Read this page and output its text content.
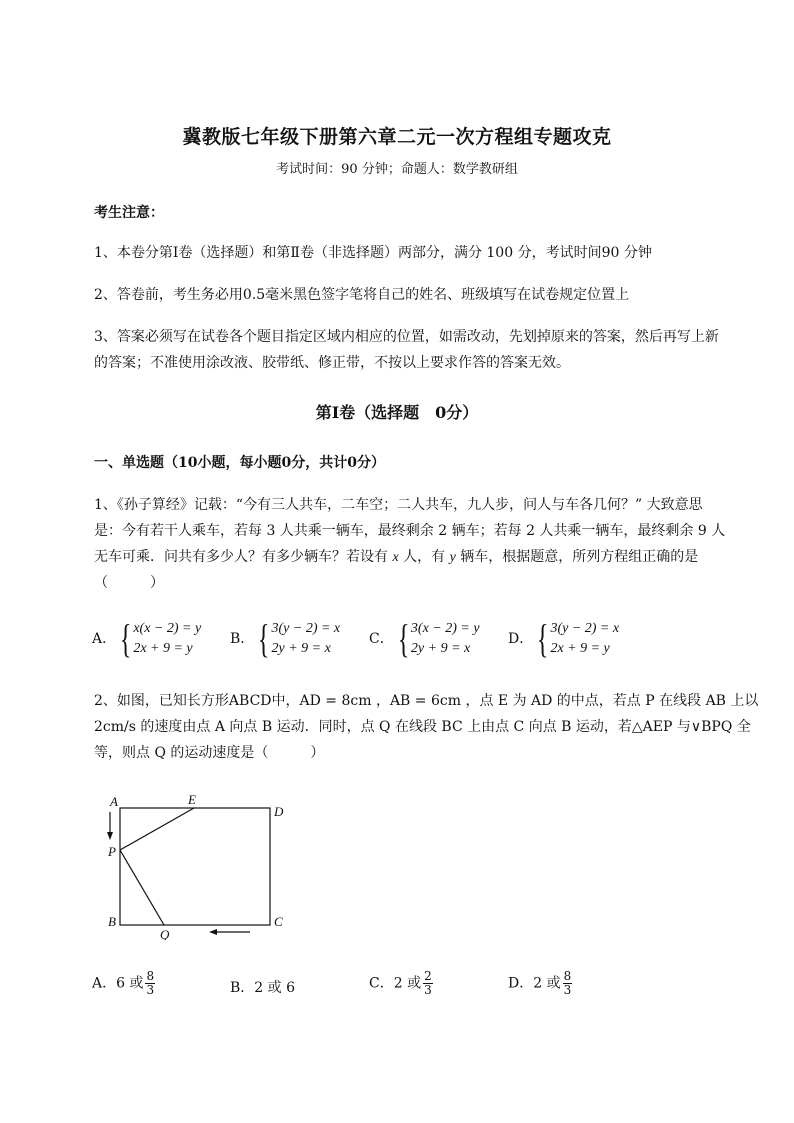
冀教版七年级下册第六章二元一次方程组专题攻克
考试时间：90 分钟；命题人：数学教研组
考生注意：
1、本卷分第Ⅰ卷（选择题）和第Ⅱ卷（非选择题）两部分，满分 100 分，考试时间90 分钟
2、答卷前，考生务必用0.5毫米黑色签字笔将自己的姓名、班级填写在试卷规定位置上
3、答案必须写在试卷各个题目指定区域内相应的位置，如需改动，先划掉原来的答案，然后再写上新
的答案；不准使用涂改液、胶带纸、修正带，不按以上要求作答的答案无效。
第Ⅰ卷（选择题　0分）
一、单选题（10小题，每小题0分，共计0分）
1、《孙子算经》记载：“今有三人共车，二车空；二人共车，九人步，问人与车各几何？” 大致意思
是：今有若干人乘车，若每 3 人共乘一辆车，最终剩余 2 辆车；若每 2 人共乘一辆车，最终剩余 9 人
无车可乘．问共有多少人？有多少辆车？若设有 x 人，有 y 辆车，根据题意，所列方程组正确的是
（　　　）
A． { x(x − 2) = y
2x + 9 = y
B． { 3(y − 2) = x
2y + 9 = x
C． { 3(x − 2) = y
2y + 9 = x
D． { 3(y − 2) = x
2x + 9 = y
2、如图，已知长方形ABCD中，AD = 8cm ，AB = 6cm ，点 E 为 AD 的中点，若点 P 在线段 AB 上以
2cm/s 的速度由点 A 向点 B 运动．同时，点 Q 在线段 BC 上由点 C 向点 B 运动，若△AEP 与∨BPQ 全
等，则点 Q 的运动速度是（　　　）
A	E
D
P
B
Q
C
A．6 或 $\frac{8}{3}$	B．2 或 6	C．2 或 $\frac{2}{3}$	D．2 或 $\frac{8}{3}$
